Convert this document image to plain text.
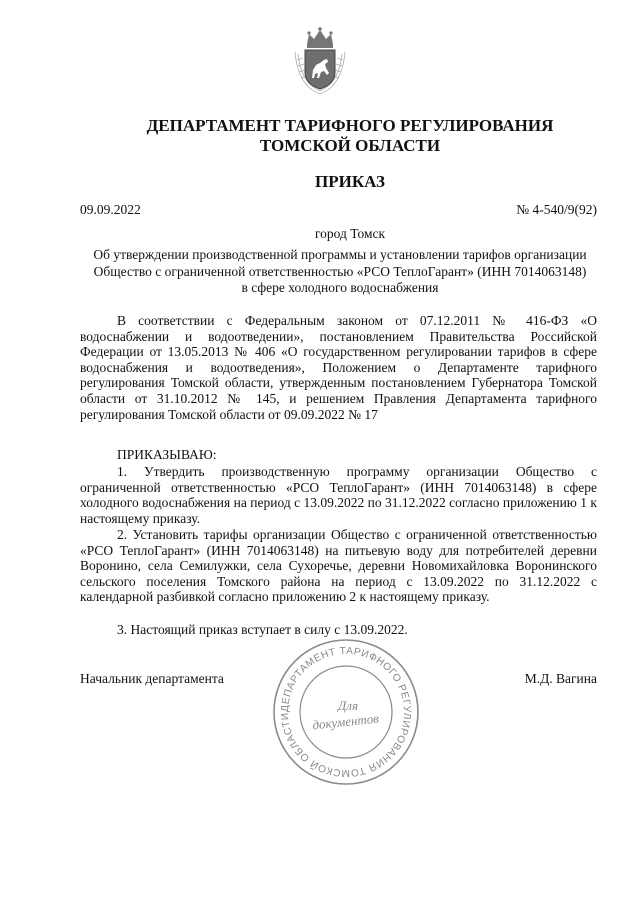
ДЕПАРТАМЕНТ ТАРИФНОГО РЕГУЛИРОВАНИЯ
ТОМСКОЙ ОБЛАСТИ
ПРИКАЗ
09.09.2022	№ 4-540/9(92)
город Томск
Об утверждении производственной программы и установлении тарифов организации
Общество с ограниченной ответственностью «РСО ТеплоГарант» (ИНН 7014063148)
в сфере холодного водоснабжения

В соответствии с Федеральным законом от 07.12.2011 № 416-ФЗ «О водоснабжении и водоотведении», постановлением Правительства Российской Федерации от 13.05.2013 № 406 «О государственном регулировании тарифов в сфере водоснабжения и водоотведения», Положением о Департаменте тарифного регулирования Томской области, утвержденным постановлением Губернатора Томской области от 31.10.2012 № 145, и решением Правления Департамента тарифного регулирования Томской области от 09.09.2022 № 17

ПРИКАЗЫВАЮ:

1. Утвердить производственную программу организации Общество с ограниченной ответственностью «РСО ТеплоГарант» (ИНН 7014063148) в сфере холодного водоснабжения на период с 13.09.2022 по 31.12.2022 согласно приложению 1 к настоящему приказу.

2. Установить тарифы организации Общество с ограниченной ответственностью «РСО ТеплоГарант» (ИНН 7014063148) на питьевую воду для потребителей деревни Воронино, села Семилужки, села Сухоречье, деревни Новомихайловка Воронинского сельского поселения Томского района на период с 13.09.2022 по 31.12.2022 с календарной разбивкой согласно приложению 2 к настоящему приказу.

3. Настоящий приказ вступает в силу с 13.09.2022.

Начальник департамента	М.Д. Вагина
ДЕПАРТАМЕНТ ТАРИФНОГО РЕГУЛИРОВАНИЯ ТОМСКОЙ ОБЛАСТИ
Для
документов
